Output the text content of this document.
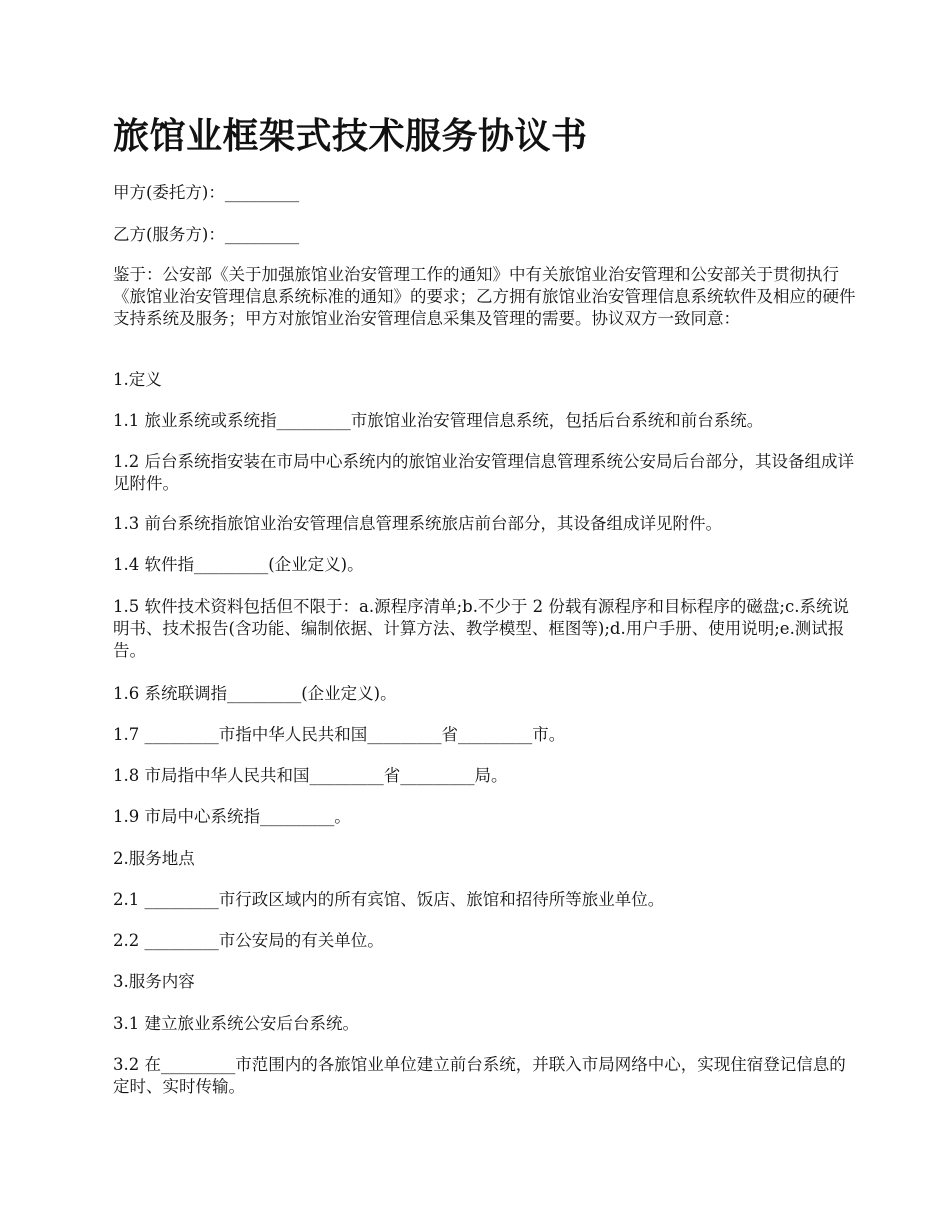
旅馆业框架式技术服务协议书

甲方(委托方)：_________

乙方(服务方)：_________

鉴于：公安部《关于加强旅馆业治安管理工作的通知》中有关旅馆业治安管理和公安部关于贯彻执行《旅馆业治安管理信息系统标准的通知》的要求；乙方拥有旅馆业治安管理信息系统软件及相应的硬件支持系统及服务；甲方对旅馆业治安管理信息采集及管理的需要。协议双方一致同意：

1.定义

1.1 旅业系统或系统指_________市旅馆业治安管理信息系统，包括后台系统和前台系统。

1.2 后台系统指安装在市局中心系统内的旅馆业治安管理信息管理系统公安局后台部分，其设备组成详见附件。

1.3 前台系统指旅馆业治安管理信息管理系统旅店前台部分，其设备组成详见附件。

1.4 软件指_________(企业定义)。

1.5 软件技术资料包括但不限于：a.源程序清单;b.不少于 2 份载有源程序和目标程序的磁盘;c.系统说明书、技术报告(含功能、编制依据、计算方法、教学模型、框图等);d.用户手册、使用说明;e.测试报告。

1.6 系统联调指_________(企业定义)。

1.7 _________市指中华人民共和国_________省_________市。

1.8 市局指中华人民共和国_________省_________局。

1.9 市局中心系统指_________。

2.服务地点

2.1 _________市行政区域内的所有宾馆、饭店、旅馆和招待所等旅业单位。

2.2 _________市公安局的有关单位。

3.服务内容

3.1 建立旅业系统公安后台系统。

3.2 在_________市范围内的各旅馆业单位建立前台系统，并联入市局网络中心，实现住宿登记信息的定时、实时传输。
